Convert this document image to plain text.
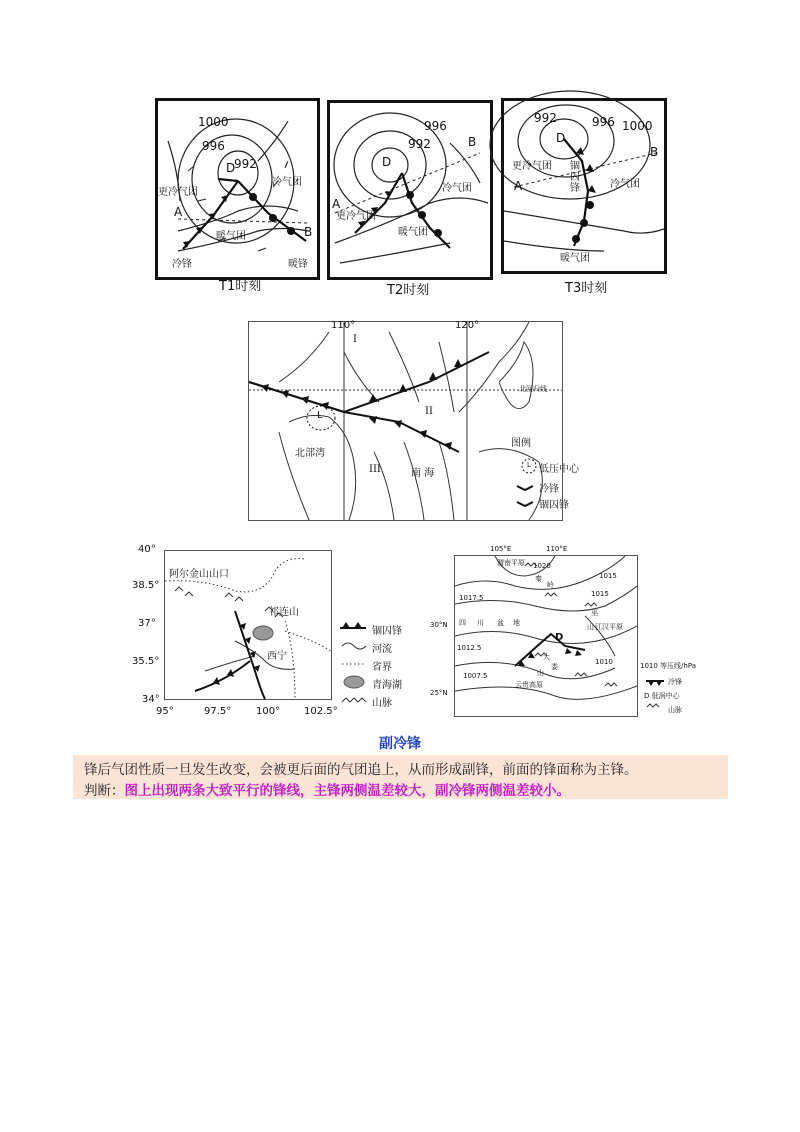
1000
996
992
D
更冷气团
冷气团
暖气团
A
B
冷锋	暖锋
T1时刻
996
992
D
冷气团
更冷气团
暖气团
A
B
T2时刻
992	996 1000
D
更冷气团
冷气团
锢囚锋
暖气团
A
B
T3时刻
110°	120°
I
II
III
北部湾
南 海
北回归线
L
图例
L 低压中心
冷锋
锢囚锋
阿尔金山山口
祁连山
西宁
40°
38.5°
37°
35.5°
34°
95°	97.5° 100° 102.5°
锢囚锋
河流
省界
青海湖
山脉
渭南平原
秦
岭
四 川 盆 地
巫
山 江汉平原
大
娄
山
云贵高原
1020
1015
1017.5
1012.5
1010
1007.5
1015
D
105°E	110°E
30°N
25°N
1010 等压线/hPa
冷锋
D 低涡中心
山脉
副冷锋
锋后气团性质一旦发生改变，会被更后面的气团追上，从而形成副锋，前面的锋面称为主锋。
判断：图上出现两条大致平行的锋线，主锋两侧温差较大，副冷锋两侧温差较小。
